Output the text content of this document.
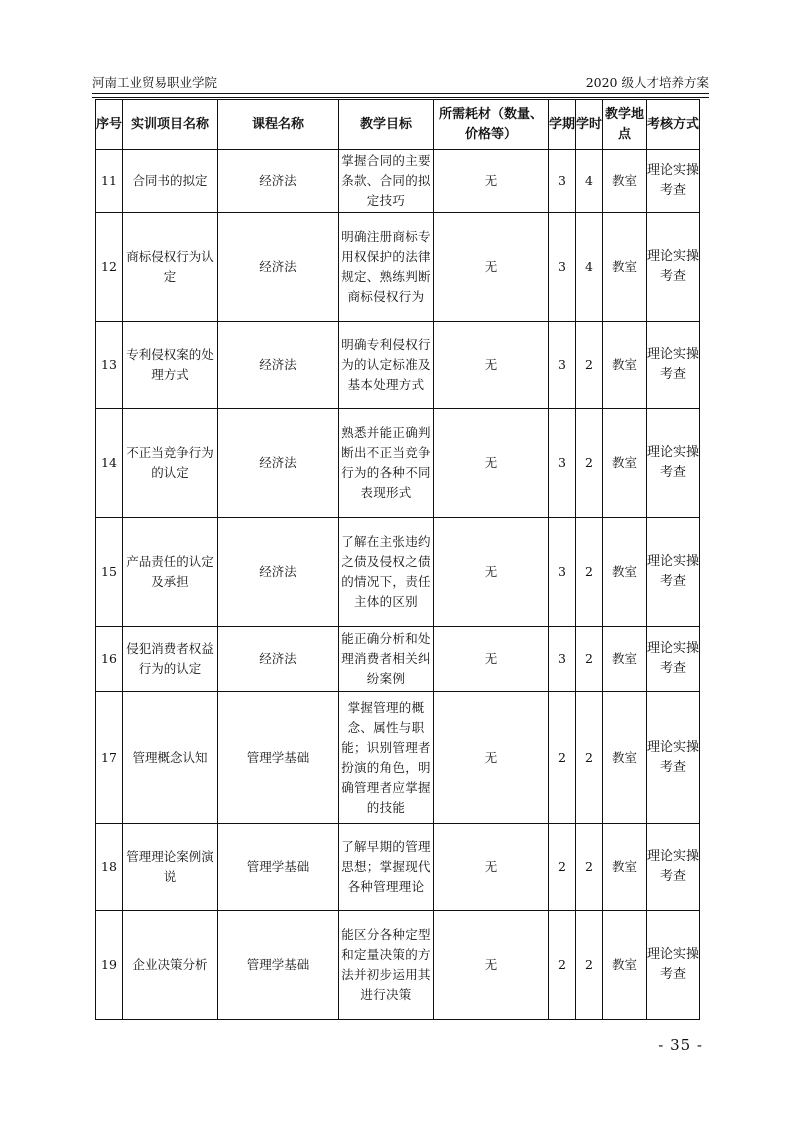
河南工业贸易职业学院	2020 级人才培养方案
序号	实训项目名称	课程名称	教学目标	所需耗材（数量、价格等）	学期	学时	教学地点	考核方式
11	合同书的拟定	经济法	掌握合同的主要条款、合同的拟定技巧	无	3	4	教室	理论实操考查
12	商标侵权行为认定	经济法	明确注册商标专用权保护的法律规定、熟练判断商标侵权行为	无	3	4	教室	理论实操考查
13	专利侵权案的处理方式	经济法	明确专利侵权行为的认定标准及基本处理方式	无	3	2	教室	理论实操考查
14	不正当竞争行为的认定	经济法	熟悉并能正确判断出不正当竞争行为的各种不同表现形式	无	3	2	教室	理论实操考查
15	产品责任的认定及承担	经济法	了解在主张违约之债及侵权之债的情况下，责任主体的区别	无	3	2	教室	理论实操考查
16	侵犯消费者权益行为的认定	经济法	能正确分析和处理消费者相关纠纷案例	无	3	2	教室	理论实操考查
17	管理概念认知	管理学基础	掌握管理的概念、属性与职能；识别管理者扮演的角色，明确管理者应掌握的技能	无	2	2	教室	理论实操考查
18	管理理论案例演说	管理学基础	了解早期的管理思想；掌握现代各种管理理论	无	2	2	教室	理论实操考查
19	企业决策分析	管理学基础	能区分各种定型和定量决策的方法并初步运用其进行决策	无	2	2	教室	理论实操考查
- 35 -
